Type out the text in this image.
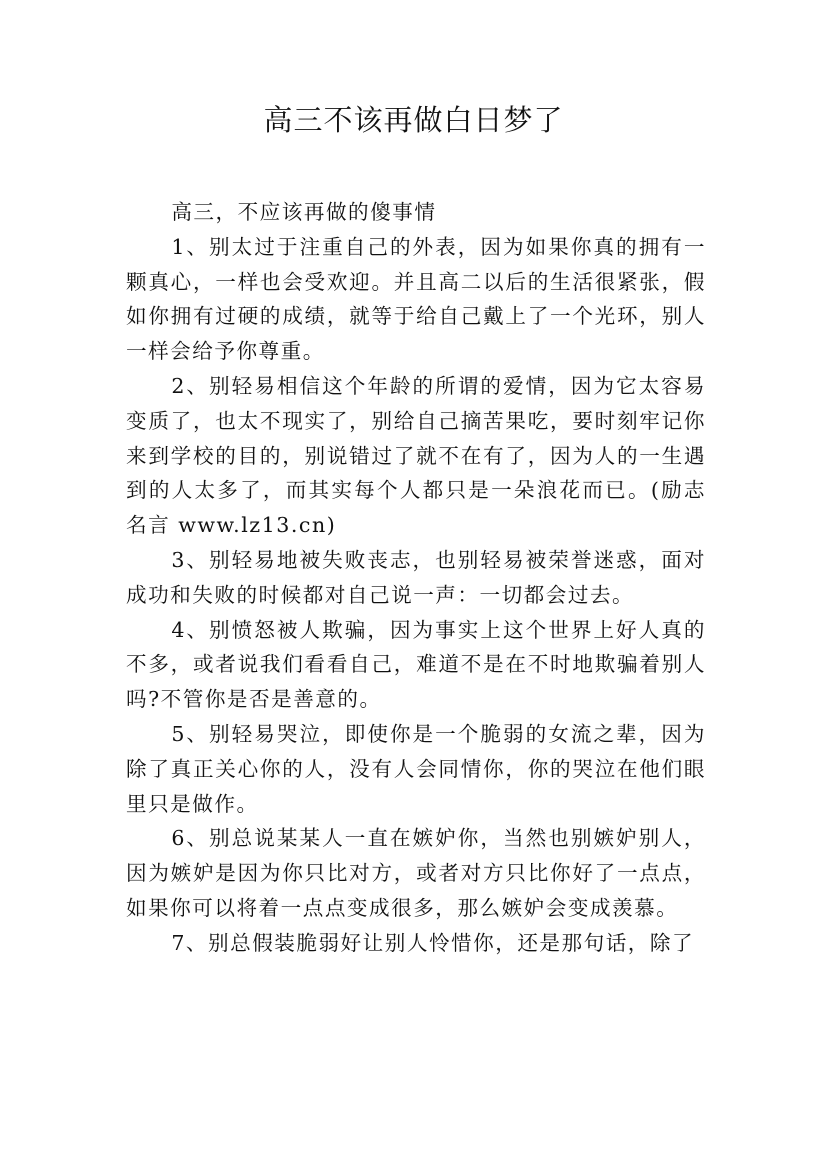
高三不该再做白日梦了

高三，不应该再做的傻事情

1、别太过于注重自己的外表，因为如果你真的拥有一颗真心，一样也会受欢迎。并且高二以后的生活很紧张，假如你拥有过硬的成绩，就等于给自己戴上了一个光环，别人一样会给予你尊重。

2、别轻易相信这个年龄的所谓的爱情，因为它太容易变质了，也太不现实了，别给自己摘苦果吃，要时刻牢记你来到学校的目的，别说错过了就不在有了，因为人的一生遇到的人太多了，而其实每个人都只是一朵浪花而已。(励志名言 www.lz13.cn)

3、别轻易地被失败丧志，也别轻易被荣誉迷惑，面对成功和失败的时候都对自己说一声：一切都会过去。

4、别愤怒被人欺骗，因为事实上这个世界上好人真的不多，或者说我们看看自己，难道不是在不时地欺骗着别人吗?不管你是否是善意的。

5、别轻易哭泣，即使你是一个脆弱的女流之辈，因为除了真正关心你的人，没有人会同情你，你的哭泣在他们眼里只是做作。

6、别总说某某人一直在嫉妒你，当然也别嫉妒别人，因为嫉妒是因为你只比对方，或者对方只比你好了一点点，如果你可以将着一点点变成很多，那么嫉妒会变成羡慕。

7、别总假装脆弱好让别人怜惜你，还是那句话，除了
